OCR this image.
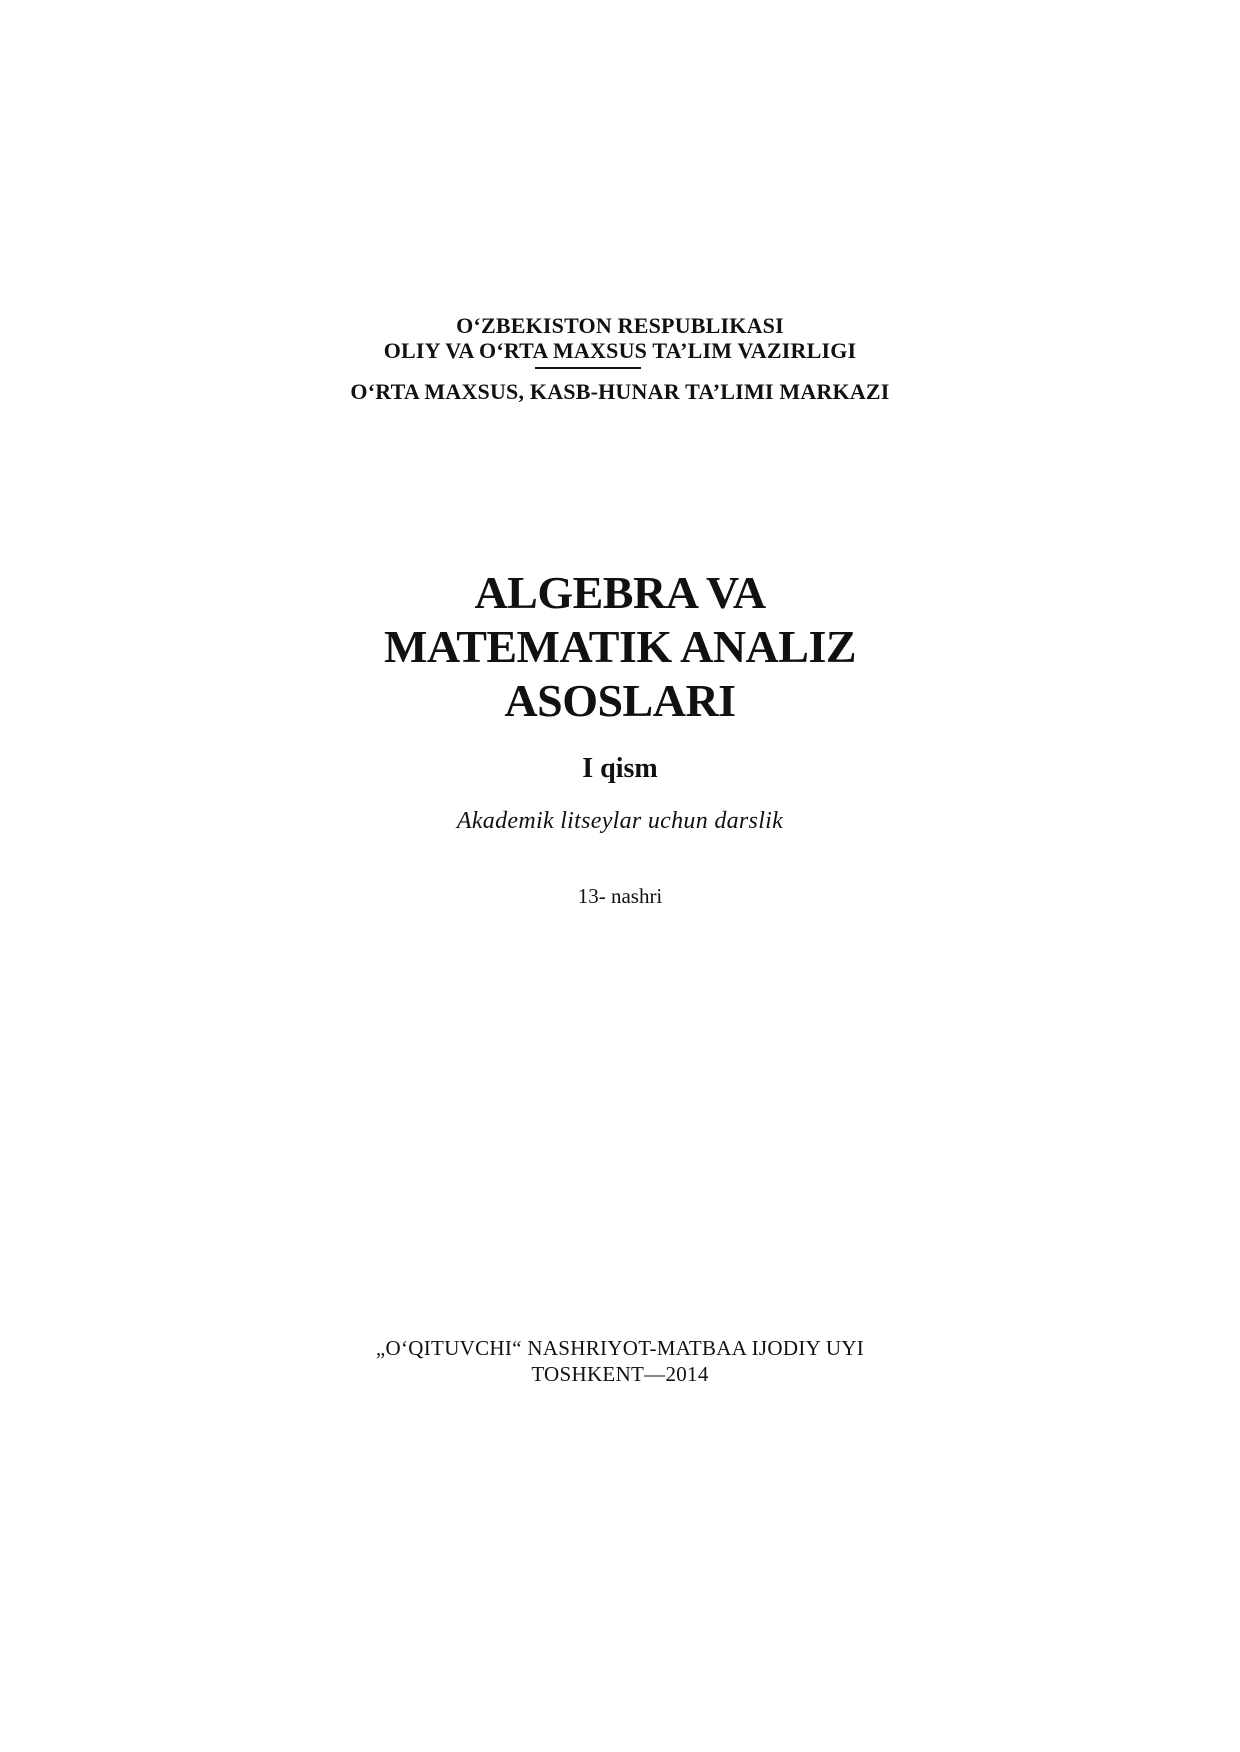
O‘ZBEKISTON RESPUBLIKASI
OLIY VA O‘RTA MAXSUS TA’LIM VAZIRLIGI
O‘RTA MAXSUS, KASB-HUNAR TA’LIMI MARKAZI
ALGEBRA VA
MATEMATIK ANALIZ
ASOSLARI
I qism
Akademik litseylar uchun darslik
13- nashri
„O‘QITUVCHI“ NASHRIYOT-MATBAA IJODIY UYI
TOSHKENT—2014
